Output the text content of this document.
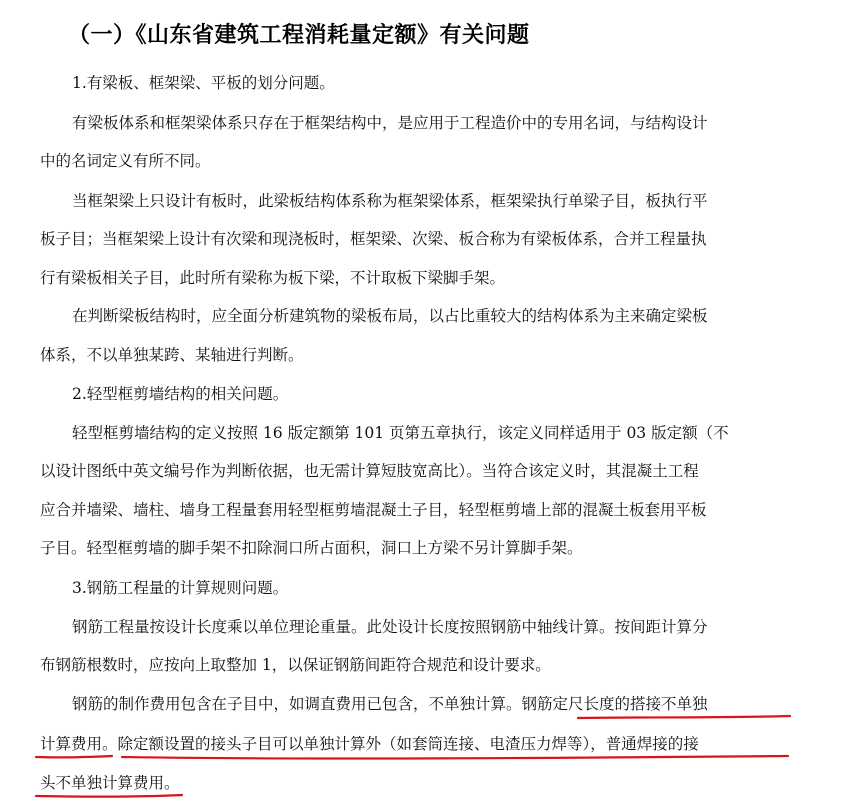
（一）《山东省建筑工程消耗量定额》有关问题
1.有梁板、框架梁、平板的划分问题。
有梁板体系和框架梁体系只存在于框架结构中，是应用于工程造价中的专用名词，与结构设计
中的名词定义有所不同。
当框架梁上只设计有板时，此梁板结构体系称为框架梁体系，框架梁执行单梁子目，板执行平
板子目；当框架梁上设计有次梁和现浇板时，框架梁、次梁、板合称为有梁板体系，合并工程量执
行有梁板相关子目，此时所有梁称为板下梁，不计取板下梁脚手架。
在判断梁板结构时，应全面分析建筑物的梁板布局，以占比重较大的结构体系为主来确定梁板
体系，不以单独某跨、某轴进行判断。
2.轻型框剪墙结构的相关问题。
轻型框剪墙结构的定义按照 16 版定额第 101 页第五章执行，该定义同样适用于 03 版定额（不
以设计图纸中英文编号作为判断依据，也无需计算短肢宽高比）。当符合该定义时，其混凝土工程
应合并墙梁、墙柱、墙身工程量套用轻型框剪墙混凝土子目，轻型框剪墙上部的混凝土板套用平板
子目。轻型框剪墙的脚手架不扣除洞口所占面积，洞口上方梁不另计算脚手架。
3.钢筋工程量的计算规则问题。
钢筋工程量按设计长度乘以单位理论重量。此处设计长度按照钢筋中轴线计算。按间距计算分
布钢筋根数时，应按向上取整加 1，以保证钢筋间距符合规范和设计要求。
钢筋的制作费用包含在子目中，如调直费用已包含，不单独计算。钢筋定尺长度的搭接不单独
计算费用。除定额设置的接头子目可以单独计算外（如套筒连接、电渣压力焊等），普通焊接的接
头不单独计算费用。
